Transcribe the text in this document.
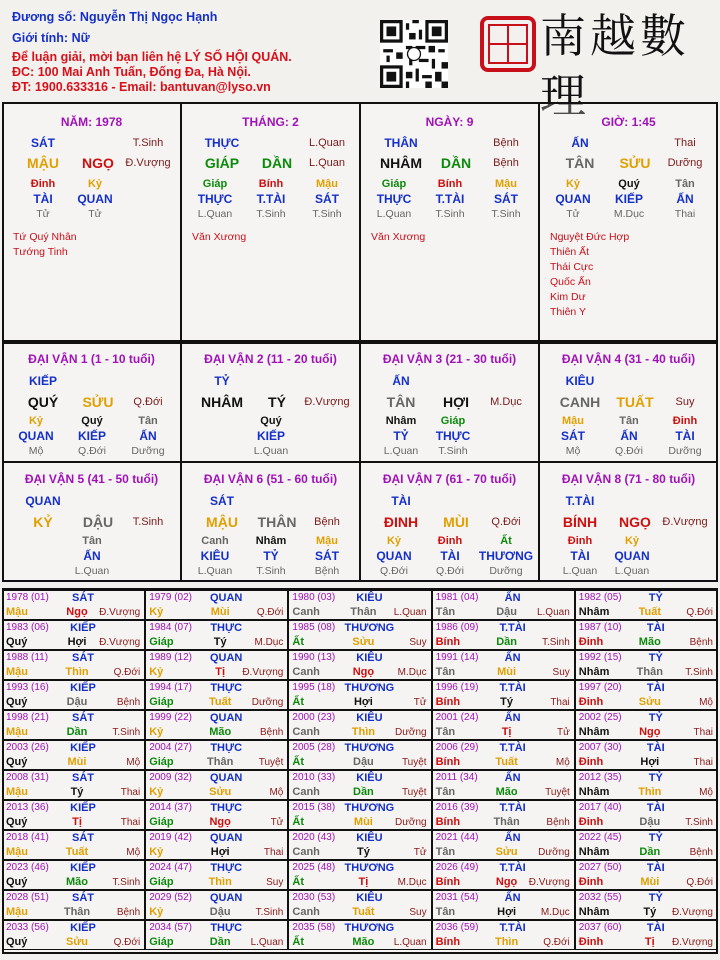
Đương số: Nguyễn Thị Ngọc Hạnh
Giới tính: Nữ
Để luận giải, mời bạn liên hệ LÝ SỐ HỘI QUÁN.
ĐC: 100 Mai Anh Tuấn, Đống Đa, Hà Nội.
ĐT: 1900.633316 - Email: bantuvan@lyso.vn
南越數理
NĂM: 1978
SÁT	T.Sinh
MẬU NGỌ Đ.Vượng
Đinh
TÀI
Tử
Kỷ
QUAN
Tử
Tứ Quý Nhân
Tướng Tinh
THÁNG: 2
THỰC	L.Quan
GIÁP DẦN L.Quan
Giáp
THỰC
L.Quan
Bính
T.TÀI
T.Sinh
Mậu
SÁT
T.Sinh
Văn Xương
NGÀY: 9
THÂN	Bệnh
NHÂM DẦN Bệnh
Giáp
THỰC
L.Quan
Bính
T.TÀI
T.Sinh
Mậu
SÁT
T.Sinh
Văn Xương
GIỜ: 1:45
ẤN	Thai
TÂN SỬU Dưỡng
Kỷ
QUAN
Tử
Quý
KIẾP
M.Dục
Tân
ẤN
Thai
Nguyệt Đức Hợp
Thiên Ất
Thái Cực
Quốc Ấn
Kim Dư
Thiên Y
ĐẠI VẬN 1 (1 - 10 tuổi)
KIẾP
QUÝ SỬU Q.Đới
Kỷ
QUAN
Mộ
Quý
KIẾP
Q.Đới
Tân
ẤN
Dưỡng
ĐẠI VẬN 2 (11 - 20 tuổi)
TỶ
NHÂM TÝ Đ.Vượng
Quý
KIẾP
L.Quan
ĐẠI VẬN 3 (21 - 30 tuổi)
ẤN
TÂN HỢI M.Dục
Nhâm
TỶ
L.Quan
Giáp
THỰC
T.Sinh
ĐẠI VẬN 4 (31 - 40 tuổi)
KIÊU
CANH TUẤT Suy
Mậu
SÁT
Mộ
Tân
ẤN
Q.Đới
Đinh
TÀI
Dưỡng
ĐẠI VẬN 5 (41 - 50 tuổi)
QUAN
KỶ DẬU T.Sinh
Tân
ẤN
L.Quan
ĐẠI VẬN 6 (51 - 60 tuổi)
SÁT
MẬU THÂN Bệnh
Canh
KIÊU
L.Quan
Nhâm
TỶ
T.Sinh
Mậu
SÁT
Bệnh
ĐẠI VẬN 7 (61 - 70 tuổi)
TÀI
ĐINH MÙI Q.Đới
Kỷ
QUAN
Q.Đới
Đinh
TÀI
Q.Đới
Ất
THƯƠNG
Dưỡng
ĐẠI VẬN 8 (71 - 80 tuổi)
T.TÀI
BÍNH NGỌ Đ.Vượng
Đinh
TÀI
L.Quan
Kỷ
QUAN
L.Quan
1978 (01) SÁT
Mậu	Ngọ Đ.Vượng
1979 (02) QUAN
Kỷ	Mùi	Q.Đới
1980 (03) KIÊU
Canh	Thân L.Quan
1981 (04) ẤN
Tân	Dậu L.Quan
1982 (05) TỶ
Nhâm	Tuất	Q.Đới
1983 (06) KIẾP
Quý	Hợi Đ.Vượng
1984 (07) THỰC
Giáp	Tý	M.Dục
1985 (08) THƯƠNG
Ất	Sửu	Suy
1986 (09) T.TÀI
Bính	Dần	T.Sinh
1987 (10) TÀI
Đinh	Mão	Bệnh
1988 (11) SÁT
Mậu	Thìn	Q.Đới
1989 (12) QUAN
Kỷ	Tị Đ.Vượng
1990 (13) KIÊU
Canh	Ngọ M.Dục
1991 (14) ẤN
Tân	Mùi	Suy
1992 (15) TỶ
Nhâm Thân T.Sinh
1993 (16) KIẾP
Quý	Dậu	Bệnh
1994 (17) THỰC
Giáp	Tuất Dưỡng
1995 (18) THƯƠNG
Ất	Hợi	Tử
1996 (19) T.TÀI
Bính	Tý	Thai
1997 (20) TÀI
Đinh	Sửu	Mộ
1998 (21) SÁT
Mậu	Dần	T.Sinh
1999 (22) QUAN
Kỷ	Mão	Bệnh
2000 (23) KIÊU
Canh	Thìn Dưỡng
2001 (24) ẤN
Tân	Tị	Tử
2002 (25) TỶ
Nhâm	Ngọ	Thai
2003 (26) KIẾP
Quý	Mùi	Mộ
2004 (27) THỰC
Giáp	Thân	Tuyệt
2005 (28) THƯƠNG
Ất	Dậu	Tuyệt
2006 (29) T.TÀI
Bính	Tuất	Mộ
2007 (30) TÀI
Đinh	Hợi	Thai
2008 (31) SÁT
Mậu	Tý	Thai
2009 (32) QUAN
Kỷ	Sửu	Mộ
2010 (33) KIÊU
Canh	Dần	Tuyệt
2011 (34) ẤN
Tân	Mão	Tuyệt
2012 (35) TỶ
Nhâm	Thìn	Mộ
2013 (36) KIẾP
Quý	Tị	Thai
2014 (37) THỰC
Giáp	Ngọ	Tử
2015 (38) THƯƠNG
Ất	Mùi Dưỡng
2016 (39) T.TÀI
Bính	Thân	Bệnh
2017 (40) TÀI
Đinh	Dậu	T.Sinh
2018 (41) SÁT
Mậu	Tuất	Mộ
2019 (42) QUAN
Kỷ	Hợi	Thai
2020 (43) KIÊU
Canh	Tý	Tử
2021 (44) ẤN
Tân	Sửu Dưỡng
2022 (45) TỶ
Nhâm	Dần	Bệnh
2023 (46) KIẾP
Quý	Mão T.Sinh
2024 (47) THỰC
Giáp	Thìn	Suy
2025 (48) THƯƠNG
Ất	Tị	M.Dục
2026 (49) T.TÀI
Bính	Ngọ Đ.Vượng
2027 (50) TÀI
Đinh	Mùi	Q.Đới
2028 (51) SÁT
Mậu	Thân	Bệnh
2029 (52) QUAN
Kỷ	Dậu	T.Sinh
2030 (53) KIÊU
Canh	Tuất	Suy
2031 (54) ẤN
Tân	Hợi M.Dục
2032 (55) TỶ
Nhâm	Tý Đ.Vượng
2033 (56) KIẾP
Quý	Sửu	Q.Đới
2034 (57) THỰC
Giáp	Dần L.Quan
2035 (58) THƯƠNG
Ất	Mão L.Quan
2036 (59) T.TÀI
Bính	Thìn	Q.Đới
2037 (60) TÀI
Đinh	Tị Đ.Vượng
